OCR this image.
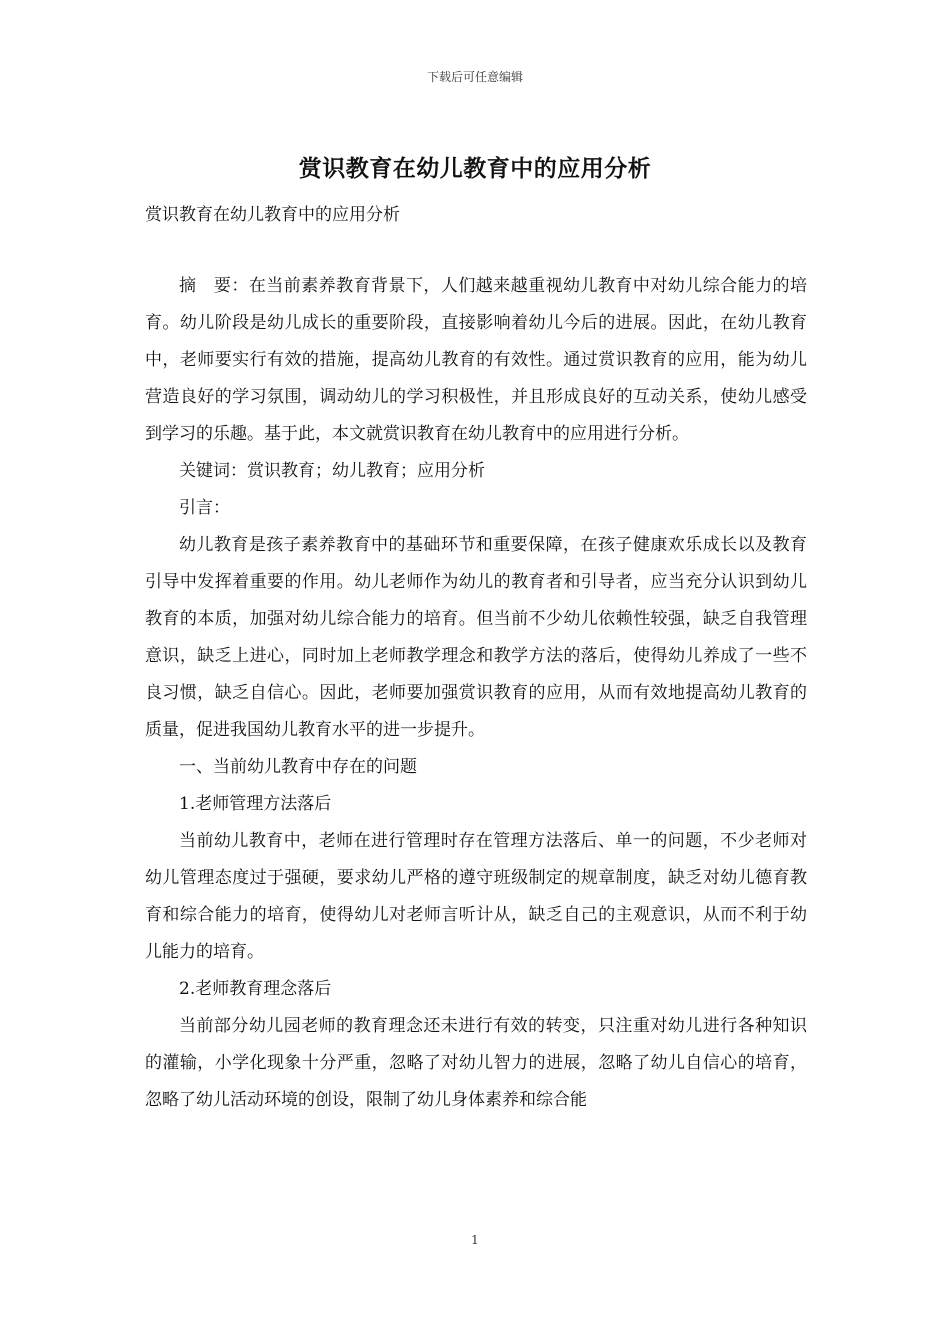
下载后可任意编辑
赏识教育在幼儿教育中的应用分析
赏识教育在幼儿教育中的应用分析

摘　要：在当前素养教育背景下，人们越来越重视幼儿教育中对幼儿综合能力的培育。幼儿阶段是幼儿成长的重要阶段，直接影响着幼儿今后的进展。因此，在幼儿教育中，老师要实行有效的措施，提高幼儿教育的有效性。通过赏识教育的应用，能为幼儿营造良好的学习氛围，调动幼儿的学习积极性，并且形成良好的互动关系，使幼儿感受到学习的乐趣。基于此，本文就赏识教育在幼儿教育中的应用进行分析。

关键词：赏识教育；幼儿教育；应用分析

引言：

幼儿教育是孩子素养教育中的基础环节和重要保障，在孩子健康欢乐成长以及教育引导中发挥着重要的作用。幼儿老师作为幼儿的教育者和引导者，应当充分认识到幼儿教育的本质，加强对幼儿综合能力的培育。但当前不少幼儿依赖性较强，缺乏自我管理意识，缺乏上进心，同时加上老师教学理念和教学方法的落后，使得幼儿养成了一些不良习惯，缺乏自信心。因此，老师要加强赏识教育的应用，从而有效地提高幼儿教育的质量，促进我国幼儿教育水平的进一步提升。

一、当前幼儿教育中存在的问题

1.老师管理方法落后

当前幼儿教育中，老师在进行管理时存在管理方法落后、单一的问题，不少老师对幼儿管理态度过于强硬，要求幼儿严格的遵守班级制定的规章制度，缺乏对幼儿德育教育和综合能力的培育，使得幼儿对老师言听计从，缺乏自己的主观意识，从而不利于幼儿能力的培育。

2.老师教育理念落后

当前部分幼儿园老师的教育理念还未进行有效的转变，只注重对幼儿进行各种知识的灌输，小学化现象十分严重，忽略了对幼儿智力的进展，忽略了幼儿自信心的培育，忽略了幼儿活动环境的创设，限制了幼儿身体素养和综合能

1
